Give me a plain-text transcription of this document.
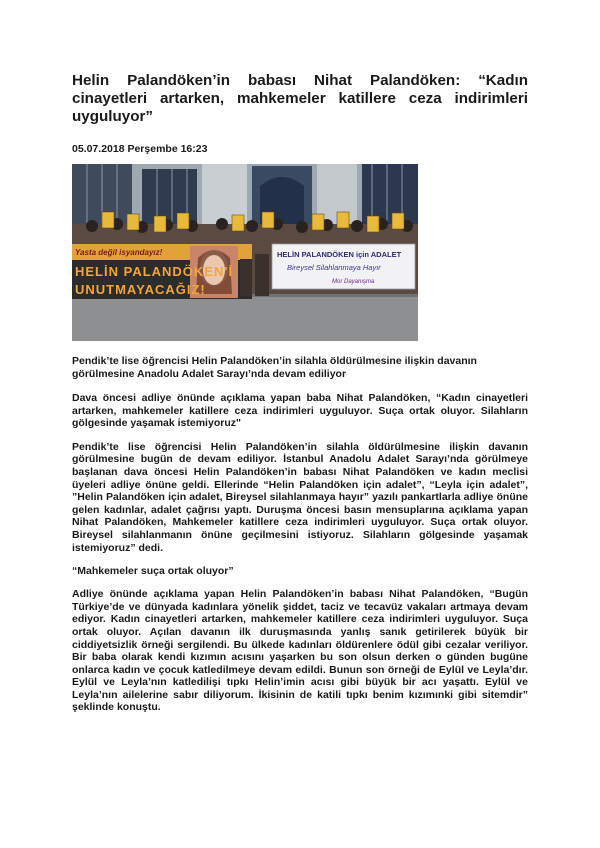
Helin Palandöken’in babası Nihat Palandöken: “Kadın cinayetleri artarken, mahkemeler katillere ceza indirimleri uyguluyor”
05.07.2018 Perşembe 16:23
Yasta değil isyandayız!
HELİN PALANDÖKEN'İ
UNUTMAYACAĞIZ!
HELİN PALANDÖKEN için ADALET
Bireysel Silahlanmaya Hayır
Mor Dayanışma
Pendik’te lise öğrencisi Helin Palandöken’in silahla öldürülmesine ilişkin davanın görülmesine Anadolu Adalet Sarayı’nda devam ediliyor
Dava öncesi adliye önünde açıklama yapan baba Nihat Palandöken, “Kadın cinayetleri artarken, mahkemeler katillere ceza indirimleri uyguluyor. Suça ortak oluyor. Silahların gölgesinde yaşamak istemiyoruz"
Pendik’te lise öğrencisi Helin Palandöken’in silahla öldürülmesine ilişkin davanın görülmesine bugün de devam ediliyor. İstanbul Anadolu Adalet Sarayı’nda görülmeye başlanan dava öncesi Helin Palandöken’in babası Nihat Palandöken ve kadın meclisi üyeleri adliye önüne geldi. Ellerinde “Helin Palandöken için adalet”, “Leyla için adalet”, ”Helin Palandöken için adalet, Bireysel silahlanmaya hayır” yazılı pankartlarla adliye önüne gelen kadınlar, adalet çağrısı yaptı. Duruşma öncesi basın mensuplarına açıklama yapan Nihat Palandöken, Mahkemeler katillere ceza indirimleri uyguluyor. Suça ortak oluyor. Bireysel silahlanmanın önüne geçilmesini istiyoruz. Silahların gölgesinde yaşamak istemiyoruz” dedi.
“Mahkemeler suça ortak oluyor”
Adliye önünde açıklama yapan Helin Palandöken’in babası Nihat Palandöken, “Bugün Türkiye’de ve dünyada kadınlara yönelik şiddet, taciz ve tecavüz vakaları artmaya devam ediyor. Kadın cinayetleri artarken, mahkemeler katillere ceza indirimleri uyguluyor. Suça ortak oluyor. Açılan davanın ilk duruşmasında yanlış sanık getirilerek büyük bir ciddiyetsizlik örneği sergilendi. Bu ülkede kadınları öldürenlere ödül gibi cezalar veriliyor. Bir baba olarak kendi kızımın acısını yaşarken bu son olsun derken o günden bugüne onlarca kadın ve çocuk katledilmeye devam edildi. Bunun son örneği de Eylül ve Leyla’dır. Eylül ve Leyla’nın katledilişi tıpkı Helin’imin acısı gibi büyük bir acı yaşattı. Eylül ve Leyla’nın ailelerine sabır diliyorum. İkisinin de katili tıpkı benim kızımınki gibi sitemdir” şeklinde konuştu.
